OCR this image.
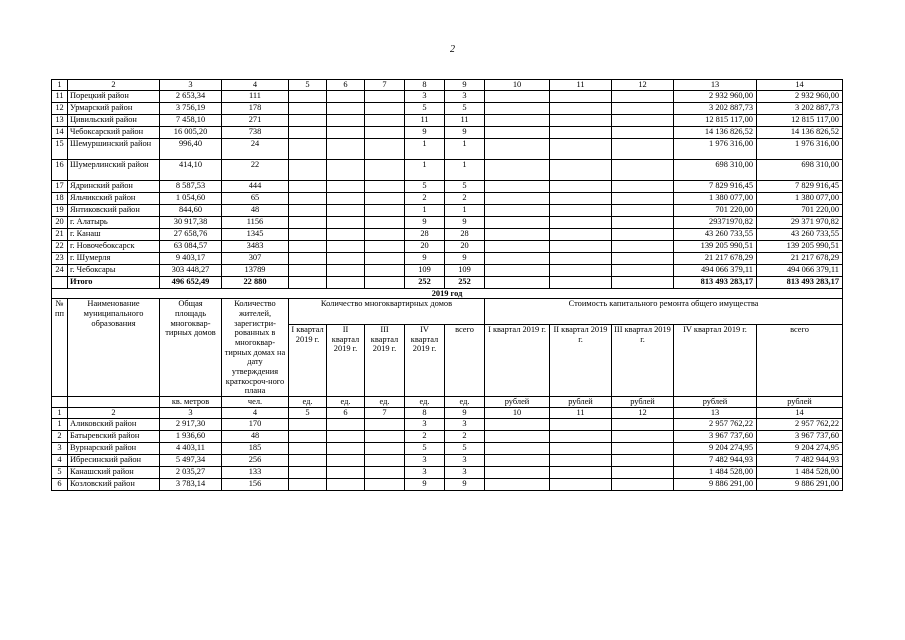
2
1	2	3	4	5	6	7	8	9	10	11	12	13	14
11	Порецкий район	2 653,34	111				3	3				2 932 960,00	2 932 960,00
12	Урмарский район	3 756,19	178				5	5				3 202 887,73	3 202 887,73
13	Цивильский район	7 458,10	271				11	11				12 815 117,00	12 815 117,00
14	Чебоксарский район	16 005,20	738				9	9				14 136 826,52	14 136 826,52
15	Шемуршинский район	996,40	24				1	1				1 976 316,00	1 976 316,00
16	Шумерлинский район	414,10	22				1	1				698 310,00	698 310,00
17	Ядринский район	8 587,53	444				5	5				7 829 916,45	7 829 916,45
18	Яльчикский район	1 054,60	65				2	2				1 380 077,00	1 380 077,00
19	Янтиковский район	844,60	48				1	1				701 220,00	701 220,00
20	г. Алатырь	30 917,38	1156				9	9				29371970,82	29 371 970,82
21	г. Канаш	27 658,76	1345				28	28				43 260 733,55	43 260 733,55
22	г. Новочебоксарск	63 084,57	3483				20	20				139 205 990,51	139 205 990,51
23	г. Шумерля	9 403,17	307				9	9				21 217 678,29	21 217 678,29
24	г. Чебоксары	303 448,27	13789				109	109				494 066 379,11	494 066 379,11
	Итого	496 652,49	22 880				252	252				813 493 283,17	813 493 283,17
2019 год													
№ пп	Наименование муниципального образования	Общая площадь многоквар-тирных домов	Количество жителей, зарегистри-рованных в многоквар-тирных домах на дату утверждения краткосроч-ного плана	Количество многоквартирных домов					Стоимость капитального ремонта общего имущества				
				I квартал 2019 г.	II квартал 2019 г.	III квартал 2019 г.	IV квартал 2019 г.	всего	I квартал 2019 г.	II квартал 2019 г.	III квартал 2019 г.	IV квартал 2019 г.	всего
		кв. метров	чел.	ед.	ед.	ед.	ед.	ед.	рублей	рублей	рублей	рублей	рублей
1	2	3	4	5	6	7	8	9	10	11	12	13	14
1	Аликовский район	2 917,30	170				3	3				2 957 762,22	2 957 762,22
2	Батыревский район	1 936,60	48				2	2				3 967 737,60	3 967 737,60
3	Вурнарский район	4 403,11	185				5	5				9 204 274,95	9 204 274,95
4	Ибресинский район	5 497,34	256				3	3				7 482 944,93	7 482 944,93
5	Канашский район	2 035,27	133				3	3				1 484 528,00	1 484 528,00
6	Козловский район	3 783,14	156				9	9				9 886 291,00	9 886 291,00
